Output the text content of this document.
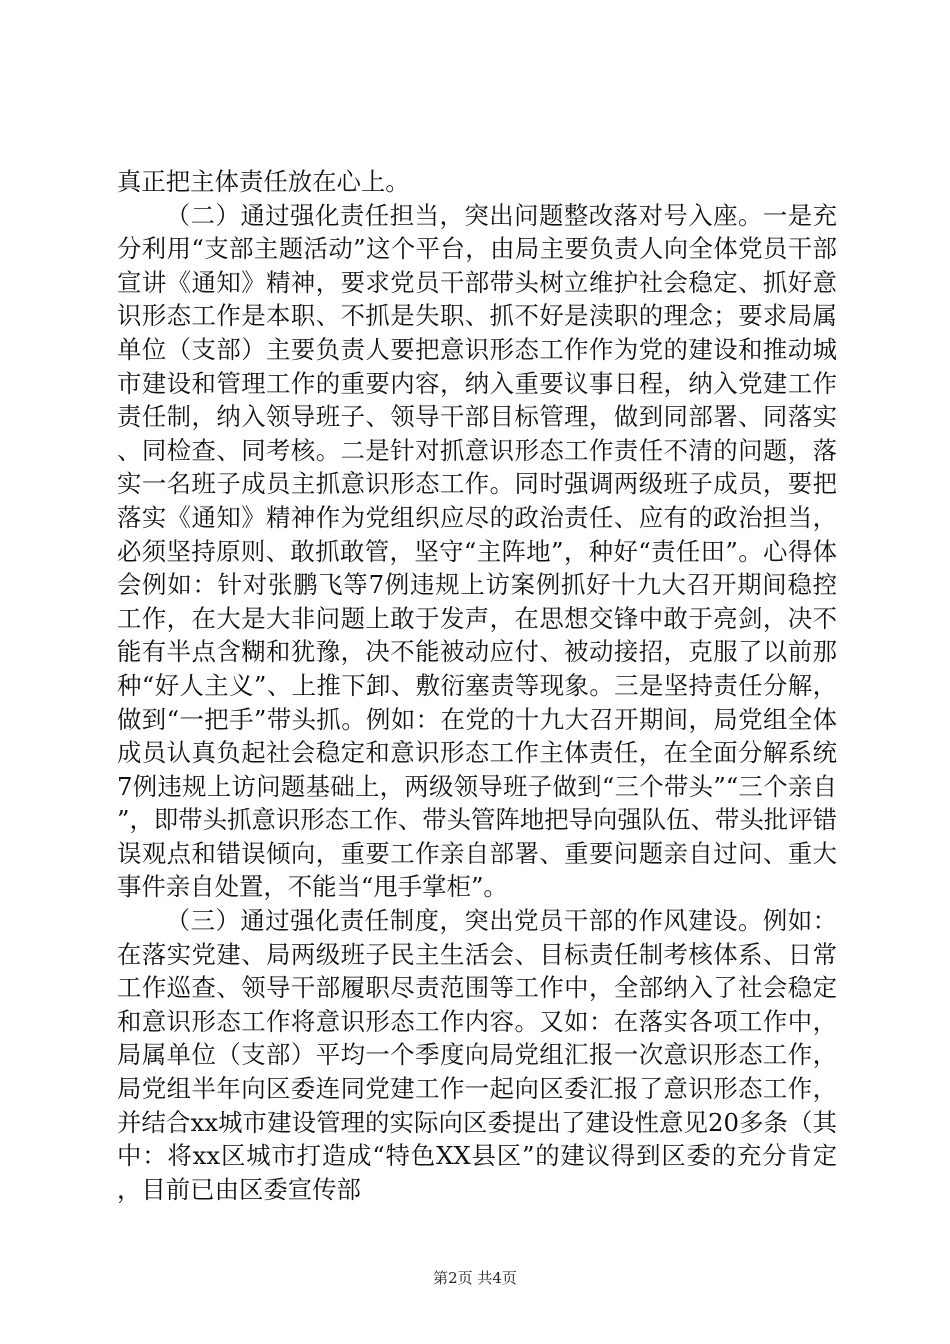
真正把主体责任放在心上。

（二）通过强化责任担当，突出问题整改落对号入座。一是充分利用“支部主题活动”这个平台，由局主要负责人向全体党员干部宣讲《通知》精神，要求党员干部带头树立维护社会稳定、抓好意识形态工作是本职、不抓是失职、抓不好是渎职的理念；要求局属单位（支部）主要负责人要把意识形态工作作为党的建设和推动城市建设和管理工作的重要内容，纳入重要议事日程，纳入党建工作责任制，纳入领导班子、领导干部目标管理，做到同部署、同落实、同检查、同考核。二是针对抓意识形态工作责任不清的问题，落实一名班子成员主抓意识形态工作。同时强调两级班子成员，要把落实《通知》精神作为党组织应尽的政治责任、应有的政治担当，必须坚持原则、敢抓敢管，坚守“主阵地”，种好“责任田”。心得体会例如：针对张鹏飞等7例违规上访案例抓好十九大召开期间稳控工作，在大是大非问题上敢于发声，在思想交锋中敢于亮剑，决不能有半点含糊和犹豫，决不能被动应付、被动接招，克服了以前那种“好人主义”、上推下卸、敷衍塞责等现象。三是坚持责任分解，做到“一把手”带头抓。例如：在党的十九大召开期间，局党组全体成员认真负起社会稳定和意识形态工作主体责任，在全面分解系统7例违规上访问题基础上，两级领导班子做到“三个带头”“三个亲自”，即带头抓意识形态工作、带头管阵地把导向强队伍、带头批评错误观点和错误倾向，重要工作亲自部署、重要问题亲自过问、重大事件亲自处置，不能当“甩手掌柜”。

（三）通过强化责任制度，突出党员干部的作风建设。例如：在落实党建、局两级班子民主生活会、目标责任制考核体系、日常工作巡查、领导干部履职尽责范围等工作中，全部纳入了社会稳定和意识形态工作将意识形态工作内容。又如：在落实各项工作中，局属单位（支部）平均一个季度向局党组汇报一次意识形态工作，局党组半年向区委连同党建工作一起向区委汇报了意识形态工作，并结合xx城市建设管理的实际向区委提出了建设性意见20多条（其中：将xx区城市打造成“特色XX县区”的建议得到区委的充分肯定，目前已由区委宣传部

第2页 共4页
